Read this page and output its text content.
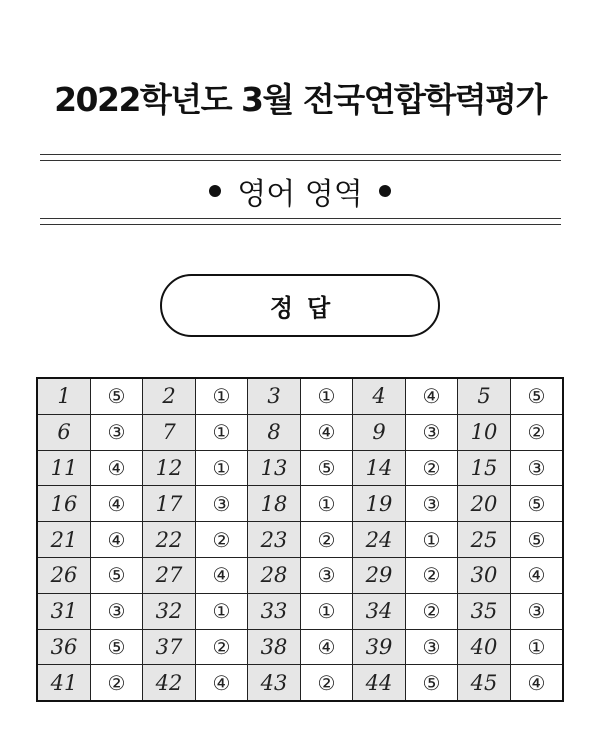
2022학년도 3월 전국연합학력평가
영어 영역
정답
1	⑤	2	①	3	①	4	④	5	⑤
6	③	7	①	8	④	9	③	10	②
11	④	12	①	13	⑤	14	②	15	③
16	④	17	③	18	①	19	③	20	⑤
21	④	22	②	23	②	24	①	25	⑤
26	⑤	27	④	28	③	29	②	30	④
31	③	32	①	33	①	34	②	35	③
36	⑤	37	②	38	④	39	③	40	①
41	②	42	④	43	②	44	⑤	45	④
